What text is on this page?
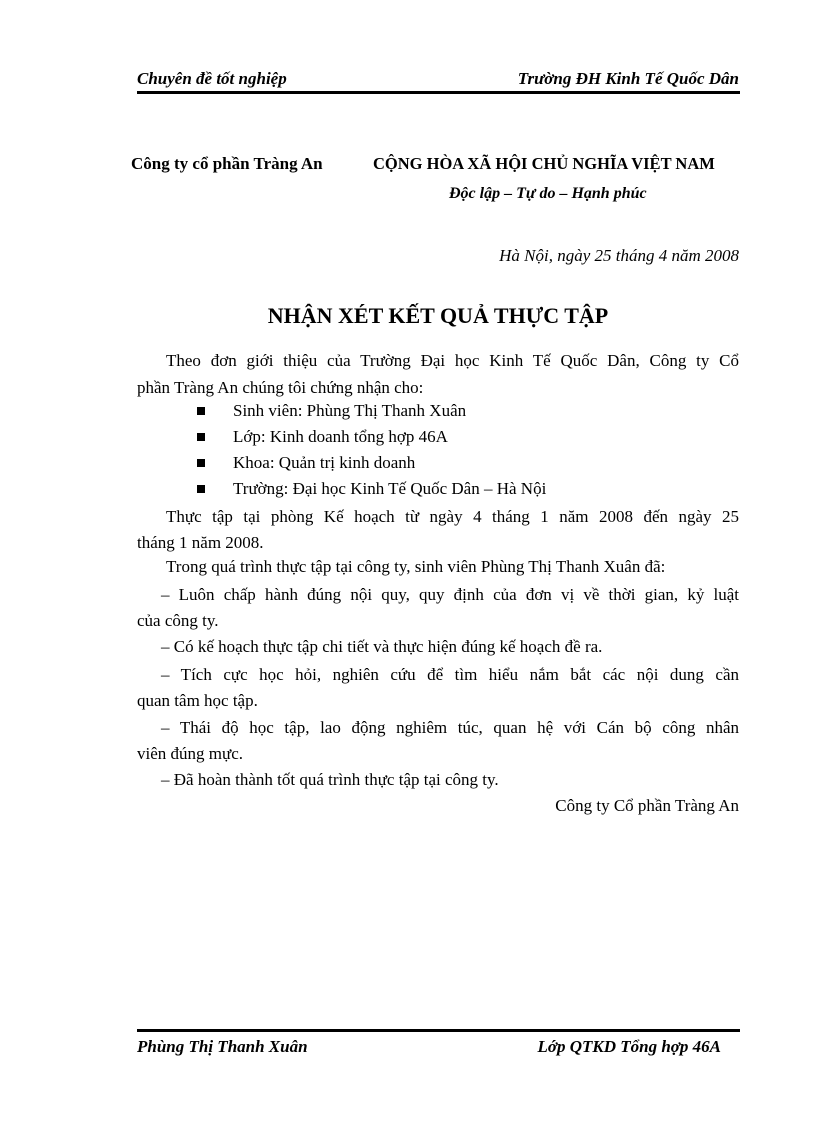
Chuyên đề tốt nghiệp	Trường ĐH Kinh Tế Quốc Dân
Công ty cổ phần Tràng An	CỘNG HÒA XÃ HỘI CHỦ NGHĨA VIỆT NAM
Độc lập – Tự do – Hạnh phúc
Hà Nội, ngày 25 tháng 4 năm 2008
NHẬN XÉT KẾT QUẢ THỰC TẬP
Theo đơn giới thiệu của Trường Đại học Kinh Tế Quốc Dân, Công ty Cổ
phần Tràng An chúng tôi chứng nhận cho:
Sinh viên: Phùng Thị Thanh Xuân
Lớp: Kinh doanh tổng hợp 46A
Khoa: Quản trị kinh doanh
Trường: Đại học Kinh Tế Quốc Dân – Hà Nội
Thực tập tại phòng Kế hoạch từ ngày 4 tháng 1 năm 2008 đến ngày 25
tháng 1 năm 2008.
Trong quá trình thực tập tại công ty, sinh viên Phùng Thị Thanh Xuân đã:
– Luôn chấp hành đúng nội quy, quy định của đơn vị về thời gian, kỷ luật
của công ty.
– Có kế hoạch thực tập chi tiết và thực hiện đúng kế hoạch đề ra.
– Tích cực học hỏi, nghiên cứu để tìm hiểu nắm bắt các nội dung cần
quan tâm học tập.
– Thái độ học tập, lao động nghiêm túc, quan hệ với Cán bộ công nhân
viên đúng mực.
– Đã hoàn thành tốt quá trình thực tập tại công ty.
Công ty Cổ phần Tràng An
Phùng Thị Thanh Xuân	Lớp QTKD Tổng hợp 46A
